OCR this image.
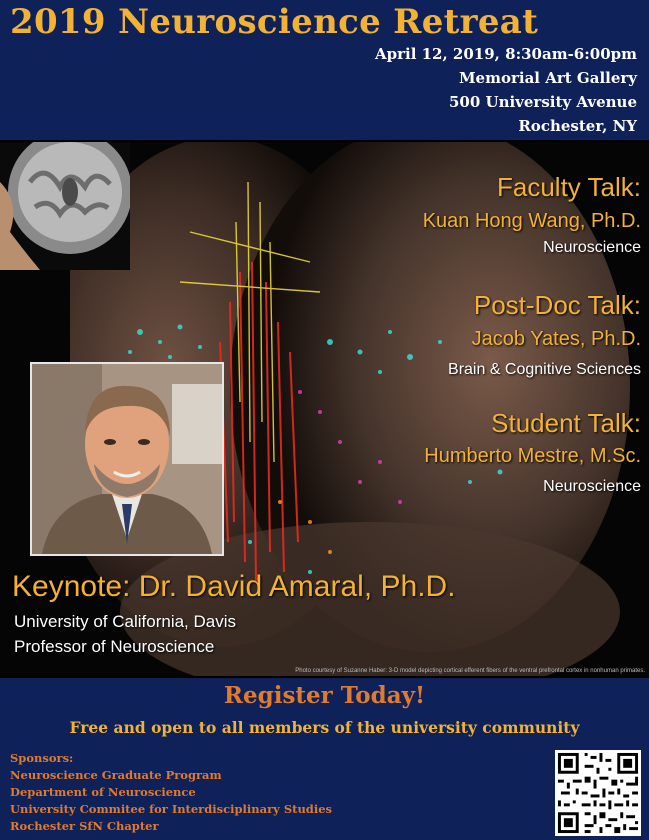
2019 Neuroscience Retreat
April 12, 2019, 8:30am-6:00pm
Memorial Art Gallery
500 University Avenue
Rochester, NY
Faculty Talk:
Kuan Hong Wang, Ph.D.
Neuroscience
Post-Doc Talk:
Jacob Yates, Ph.D.
Brain & Cognitive Sciences
Student Talk:
Humberto Mestre, M.Sc.
Neuroscience
Keynote: Dr. David Amaral, Ph.D.
University of California, Davis
Professor of Neuroscience
Photo courtesy of Suzanne Haber: 3-D model depicting cortical efferent fibers of the ventral prefrontal cortex in nonhuman primates.
Register Today!
Free and open to all members of the university community
Sponsors:
Neuroscience Graduate Program
Department of Neuroscience
University Commitee for Interdisciplinary Studies
Rochester SfN Chapter
